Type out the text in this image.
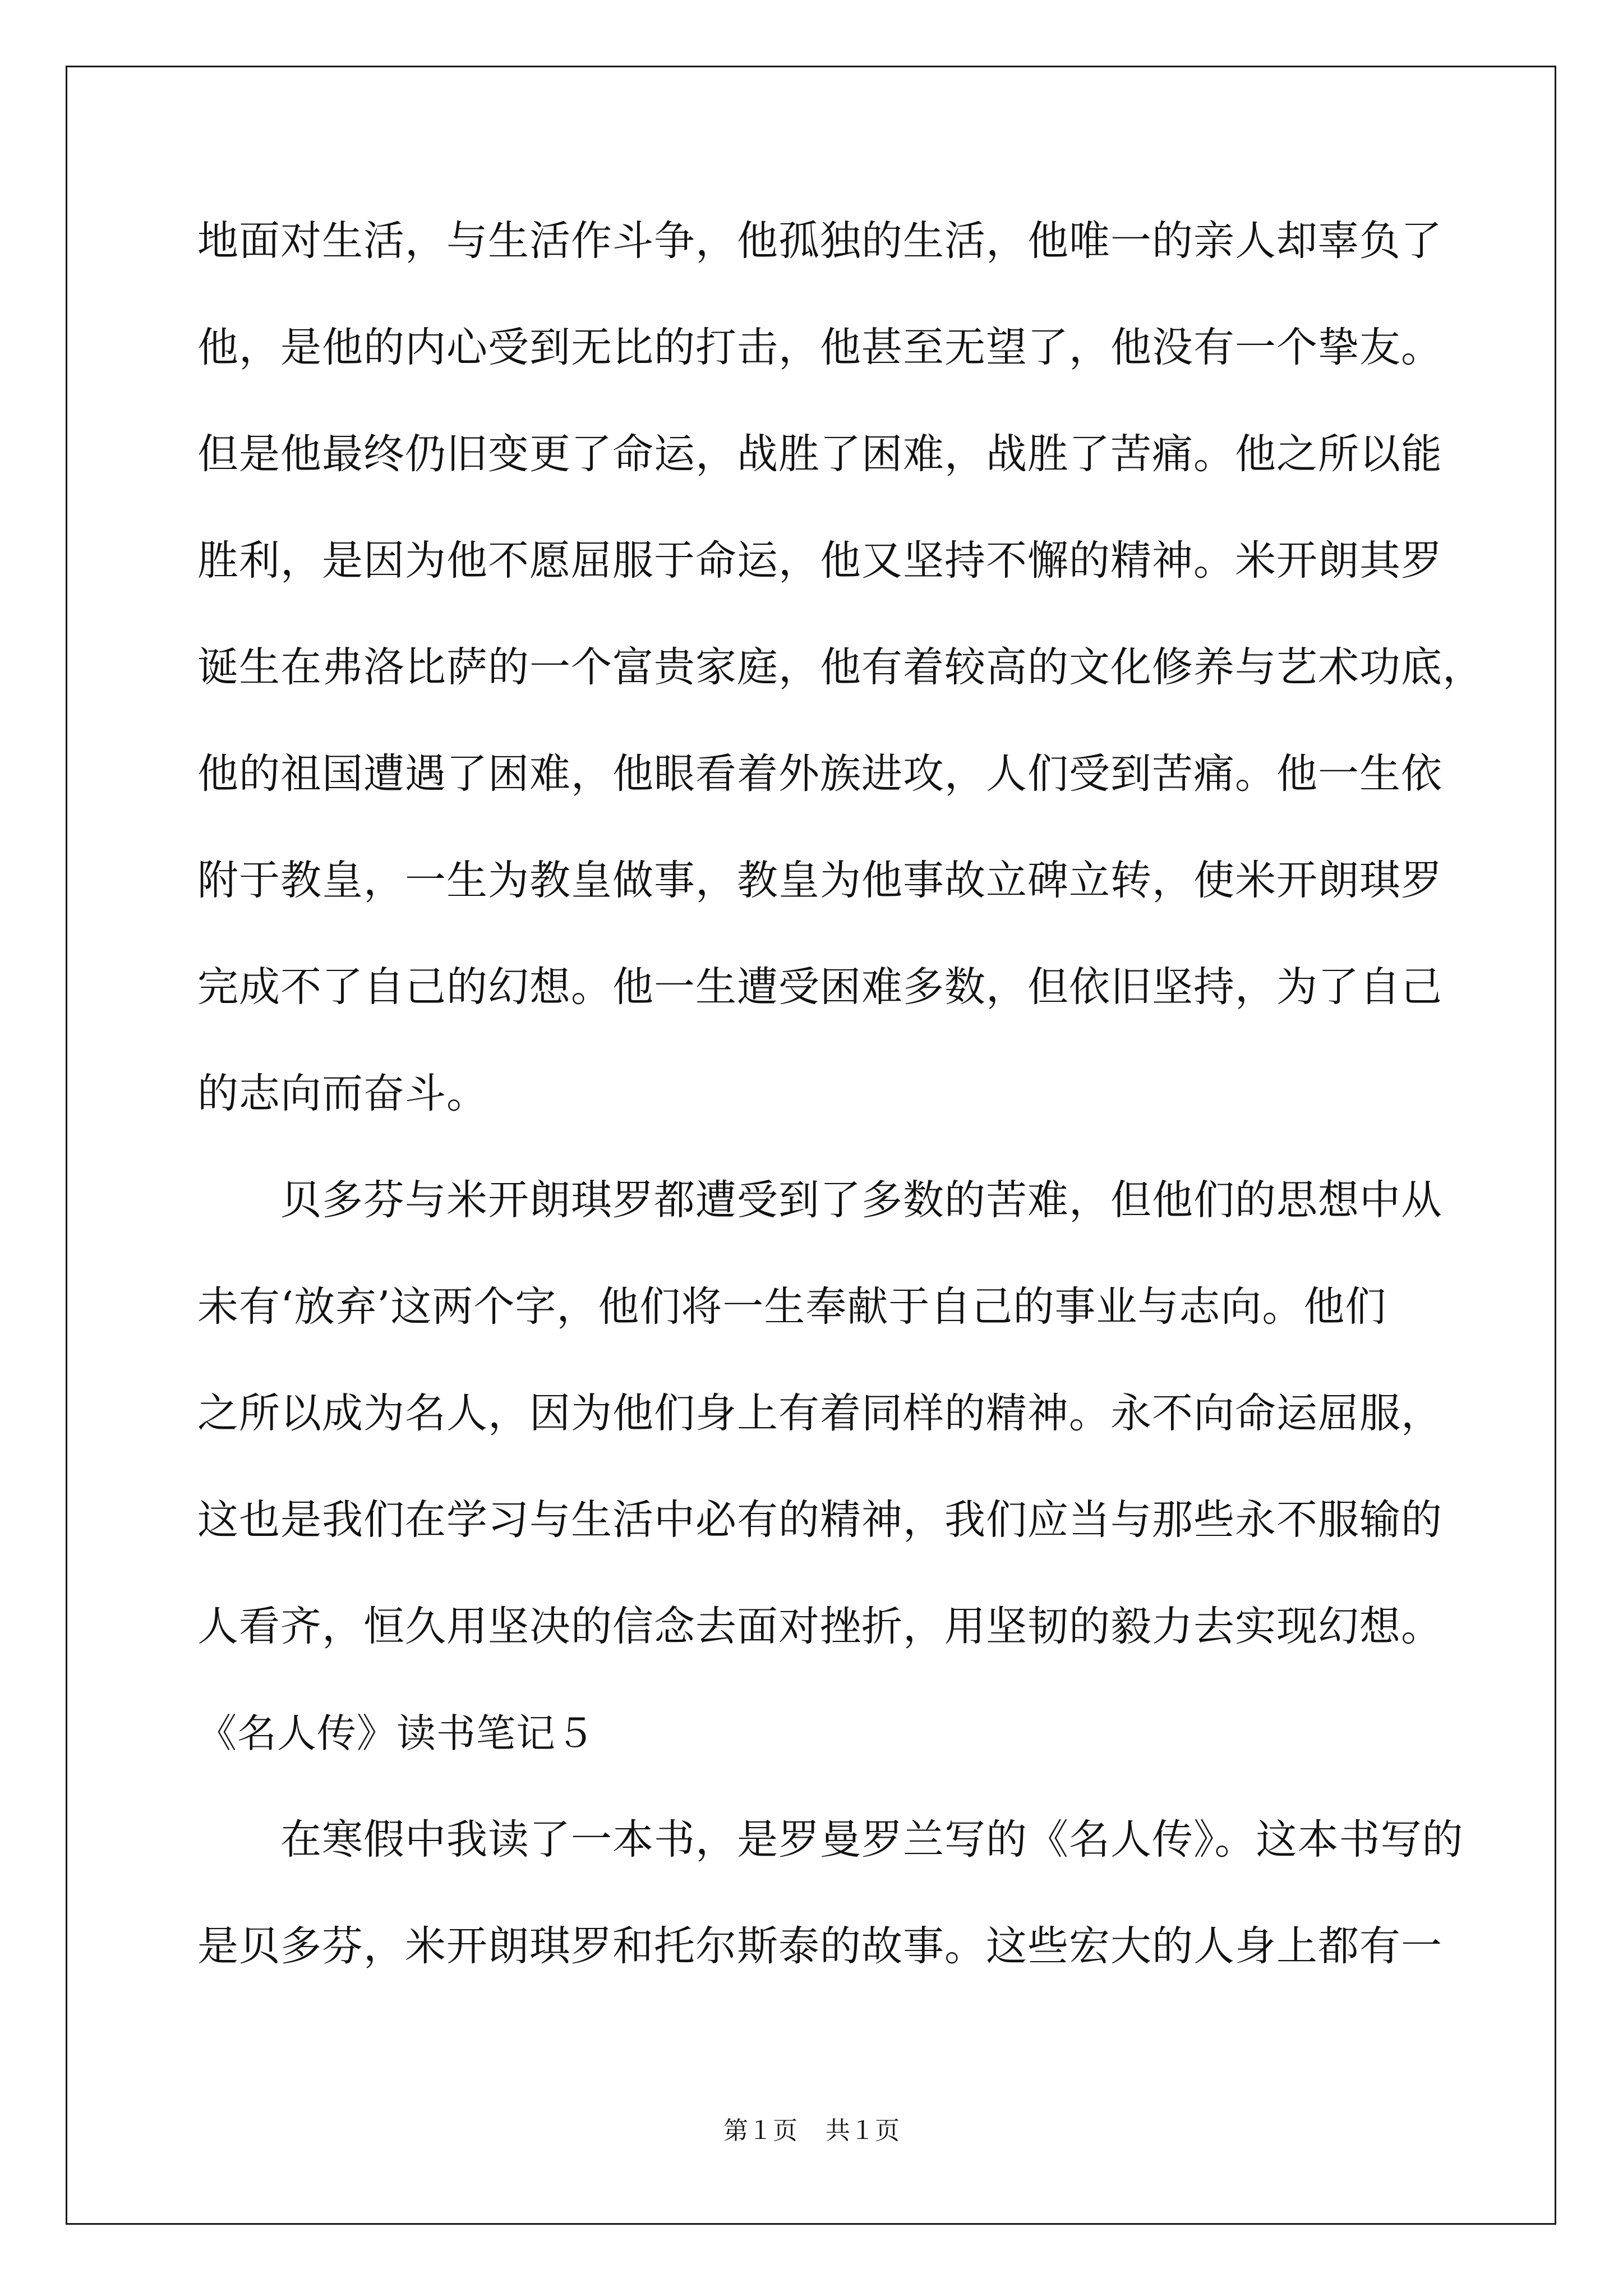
地面对生活，与生活作斗争，他孤独的生活，他唯一的亲人却辜负了
他，是他的内心受到无比的打击，他甚至无望了，他没有一个挚友。
但是他最终仍旧变更了命运，战胜了困难，战胜了苦痛。他之所以能
胜利，是因为他不愿屈服于命运，他又坚持不懈的精神。米开朗其罗
诞生在弗洛比萨的一个富贵家庭，他有着较高的文化修养与艺术功底，
他的祖国遭遇了困难，他眼看着外族进攻，人们受到苦痛。他一生依
附于教皇，一生为教皇做事，教皇为他事故立碑立转，使米开朗琪罗
完成不了自己的幻想。他一生遭受困难多数，但依旧坚持，为了自己
的志向而奋斗。
贝多芬与米开朗琪罗都遭受到了多数的苦难，但他们的思想中从
未有‘放弃’这两个字，他们将一生奉献于自己的事业与志向。他们
之所以成为名人，因为他们身上有着同样的精神。永不向命运屈服，
这也是我们在学习与生活中必有的精神，我们应当与那些永不服输的
人看齐，恒久用坚决的信念去面对挫折，用坚韧的毅力去实现幻想。
《名人传》读书笔记５
在寒假中我读了一本书，是罗曼罗兰写的《名人传》。这本书写的
是贝多芬，米开朗琪罗和托尔斯泰的故事。这些宏大的人身上都有一
第１页 共１页
